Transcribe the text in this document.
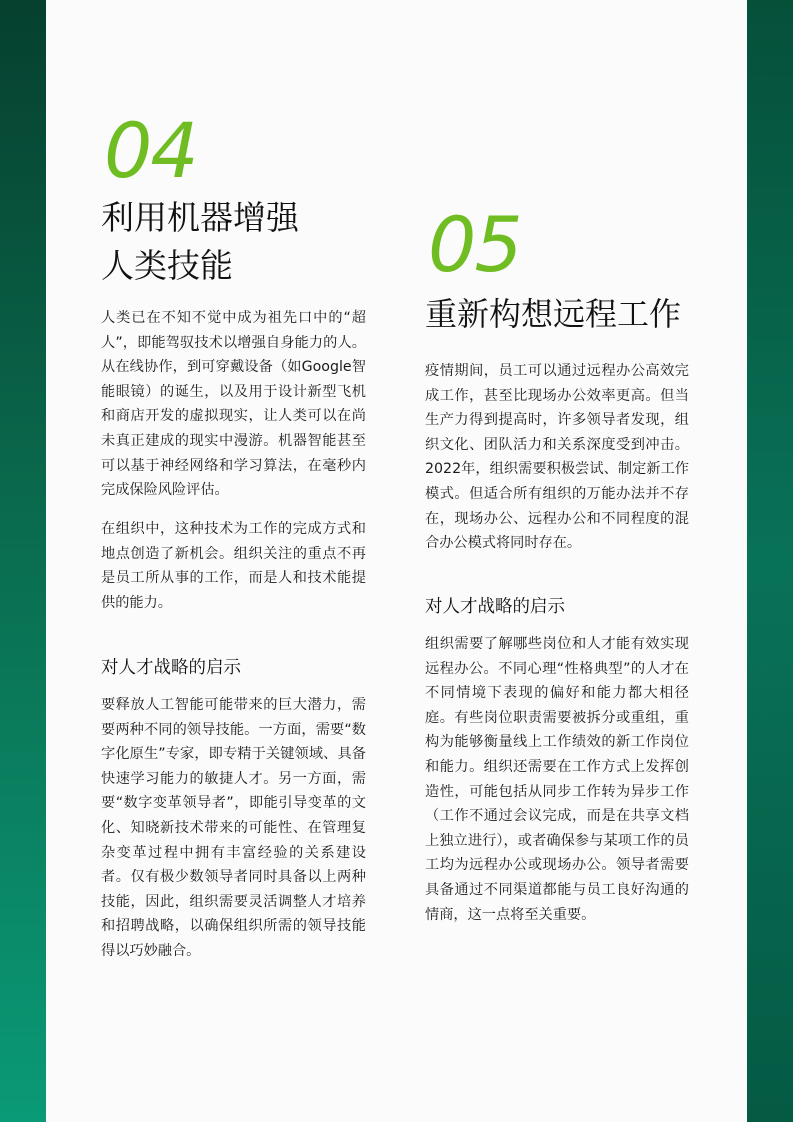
04
利用机器增强
人类技能

人类已在不知不觉中成为祖先口中的“超人”，即能驾驭技术以增强自身能力的人。从在线协作，到可穿戴设备（如Google智能眼镜）的诞生，以及用于设计新型飞机和商店开发的虚拟现实，让人类可以在尚未真正建成的现实中漫游。机器智能甚至可以基于神经网络和学习算法，在毫秒内完成保险风险评估。

在组织中，这种技术为工作的完成方式和地点创造了新机会。组织关注的重点不再是员工所从事的工作，而是人和技术能提供的能力。

对人才战略的启示

要释放人工智能可能带来的巨大潜力，需要两种不同的领导技能。一方面，需要“数字化原生”专家，即专精于关键领域、具备快速学习能力的敏捷人才。另一方面，需要“数字变革领导者”，即能引导变革的文化、知晓新技术带来的可能性、在管理复杂变革过程中拥有丰富经验的关系建设者。仅有极少数领导者同时具备以上两种技能，因此，组织需要灵活调整人才培养和招聘战略，以确保组织所需的领导技能得以巧妙融合。

05
重新构想远程工作

疫情期间，员工可以通过远程办公高效完成工作，甚至比现场办公效率更高。但当生产力得到提高时，许多领导者发现，组织文化、团队活力和关系深度受到冲击。2022年，组织需要积极尝试、制定新工作模式。但适合所有组织的万能办法并不存在，现场办公、远程办公和不同程度的混合办公模式将同时存在。

对人才战略的启示

组织需要了解哪些岗位和人才能有效实现远程办公。不同心理“性格典型”的人才在不同情境下表现的偏好和能力都大相径庭。有些岗位职责需要被拆分或重组，重构为能够衡量线上工作绩效的新工作岗位和能力。组织还需要在工作方式上发挥创造性，可能包括从同步工作转为异步工作（工作不通过会议完成，而是在共享文档上独立进行），或者确保参与某项工作的员工均为远程办公或现场办公。领导者需要具备通过不同渠道都能与员工良好沟通的情商，这一点将至关重要。
